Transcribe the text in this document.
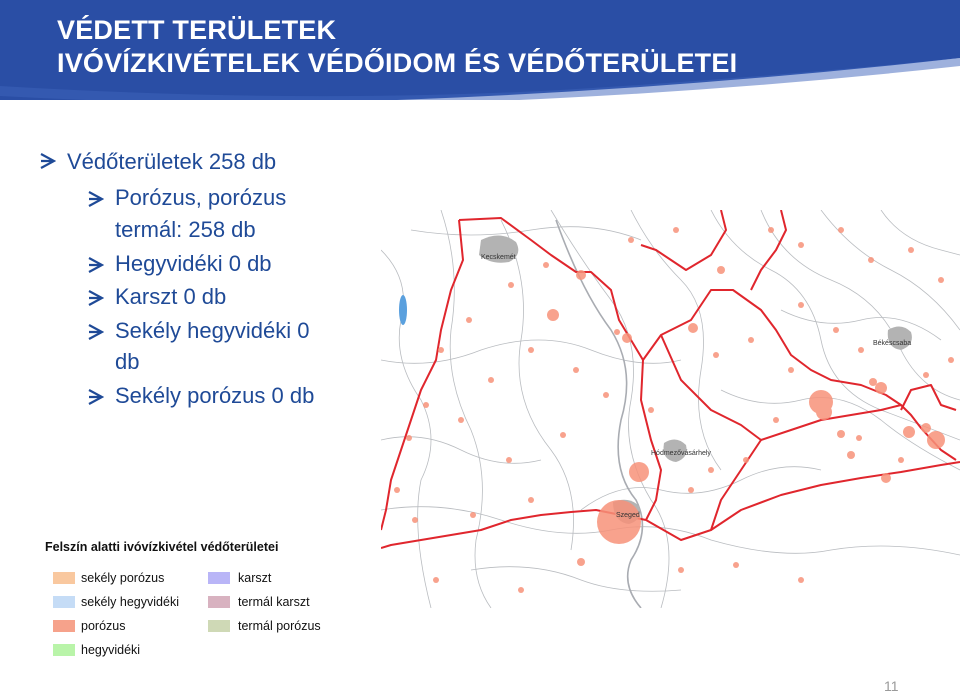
VÉDETT TERÜLETEK
IVÓVÍZKIVÉTELEK VÉDŐIDOM ÉS VÉDŐTERÜLETEI
Védőterületek 258 db
Porózus, porózus
termál: 258 db
Hegyvidéki 0 db
Karszt 0 db
Sekély hegyvidéki 0
db
Sekély porózus 0 db
Kecskemét
Békéscsaba
Hódmezővásárhely
Szeged
Felszín alatti ivóvízkivétel védőterületei
sekély porózus
sekély hegyvidéki
porózus
hegyvidéki
karszt
termál karszt
termál porózus
11
